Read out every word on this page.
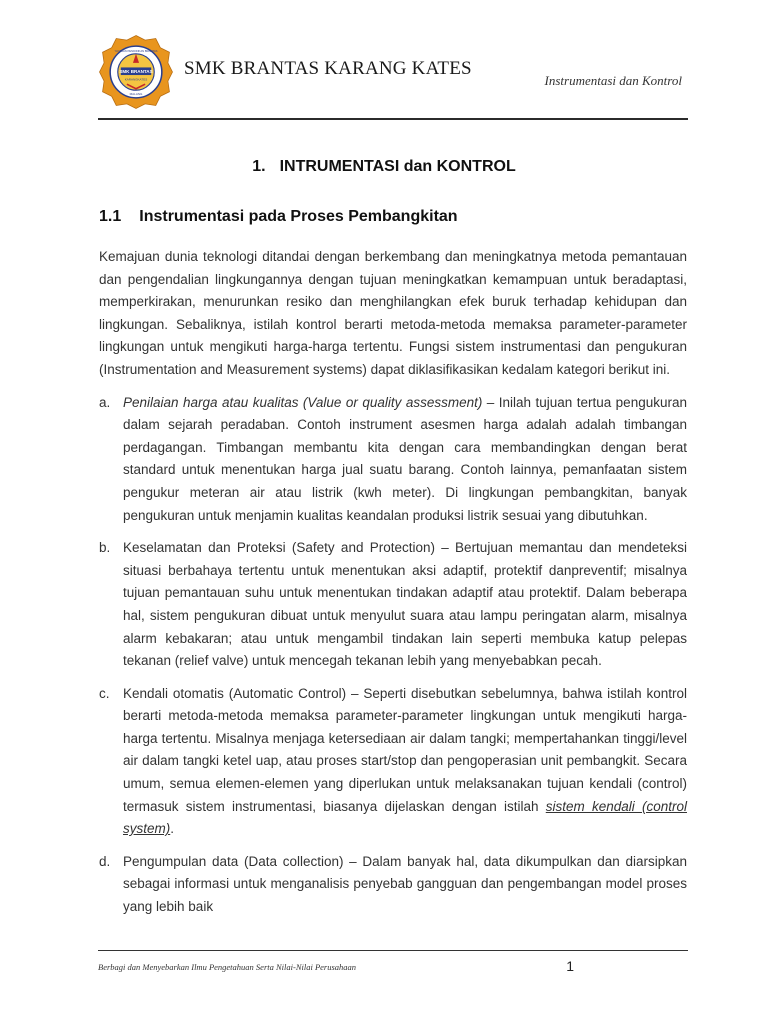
SMK BRANTAS
KARANGKATES
YAYASAN PENDIDIKAN BRANTAS
MALANG
SMK BRANTAS KARANG KATES
Instrumentasi dan Kontrol
1. INTRUMENTASI dan KONTROL
1.1 Instrumentasi pada Proses Pembangkitan

Kemajuan dunia teknologi ditandai dengan berkembang dan meningkatnya metoda pemantauan dan pengendalian lingkungannya dengan tujuan meningkatkan kemampuan untuk beradaptasi, memperkirakan, menurunkan resiko dan menghilangkan efek buruk terhadap kehidupan dan lingkungan. Sebaliknya, istilah kontrol berarti metoda-metoda memaksa parameter-parameter lingkungan untuk mengikuti harga-harga tertentu. Fungsi sistem instrumentasi dan pengukuran (Instrumentation and Measurement systems) dapat diklasifikasikan kedalam kategori berikut ini.

a. Penilaian harga atau kualitas (Value or quality assessment) – Inilah tujuan tertua pengukuran dalam sejarah peradaban. Contoh instrument asesmen harga adalah adalah timbangan perdagangan. Timbangan membantu kita dengan cara membandingkan dengan berat standard untuk menentukan harga jual suatu barang. Contoh lainnya, pemanfaatan sistem pengukur meteran air atau listrik (kwh meter). Di lingkungan pembangkitan, banyak pengukuran untuk menjamin kualitas keandalan produksi listrik sesuai yang dibutuhkan.
b. Keselamatan dan Proteksi (Safety and Protection) – Bertujuan memantau dan mendeteksi situasi berbahaya tertentu untuk menentukan aksi adaptif, protektif danpreventif; misalnya tujuan pemantauan suhu untuk menentukan tindakan adaptif atau protektif. Dalam beberapa hal, sistem pengukuran dibuat untuk menyulut suara atau lampu peringatan alarm, misalnya alarm kebakaran; atau untuk mengambil tindakan lain seperti membuka katup pelepas tekanan (relief valve) untuk mencegah tekanan lebih yang menyebabkan pecah.
c. Kendali otomatis (Automatic Control) – Seperti disebutkan sebelumnya, bahwa istilah kontrol berarti metoda-metoda memaksa parameter-parameter lingkungan untuk mengikuti harga-harga tertentu. Misalnya menjaga ketersediaan air dalam tangki; mempertahankan tinggi/level air dalam tangki ketel uap, atau proses start/stop dan pengoperasian unit pembangkit. Secara umum, semua elemen-elemen yang diperlukan untuk melaksanakan tujuan kendali (control) termasuk sistem instrumentasi, biasanya dijelaskan dengan istilah sistem kendali (control system).
d. Pengumpulan data (Data collection) – Dalam banyak hal, data dikumpulkan dan diarsipkan sebagai informasi untuk menganalisis penyebab gangguan dan pengembangan model proses yang lebih baik
Berbagi dan Menyebarkan Ilmu Pengetahuan Serta Nilai-Nilai Perusahaan	1
